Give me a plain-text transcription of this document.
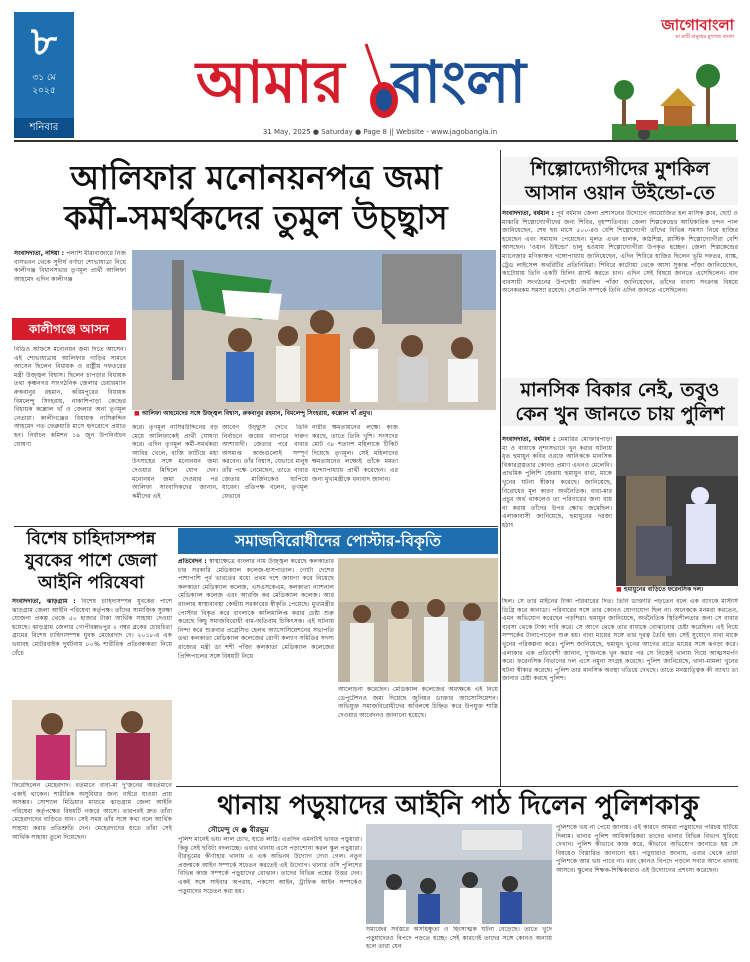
৮
৩১ মে
২০২৫
শনিবার
আমার বাংলা
31 May, 2025 ● Saturday ● Page 8 || Website - www.jagobangla.in
জাগোবাংলা
মা মাটি মানুষের মুখপত্র বাংলা
আলিফার মনোনয়নপত্র জমা
কর্মী-সমর্থকদের তুমুল উচ্ছ্বাস
সংবাদদাতা, নদিয়া : পলাশি মীরাবাজারে নিজ বাসভবন থেকে সুদীর্ঘ বর্ণাঢ্য শোভাযাত্রা নিয়ে কালীগঞ্জ বিধানসভার তৃণমূল প্রার্থী আলিফা আহমেদ এদিন কালীগঞ্জ
কালীগঞ্জে আসন
বিডিও অফিসে মনোনয়ন জমা দিতে আসেন। এই শোভাযাত্রায় আলিফার গাড়ির সামনে আসেন ছিলেন বিধায়ক ও রাষ্ট্রীয় দফতরের মন্ত্রী উজ্জ্বল বিশ্বাস। ছিলেন চাপড়ার বিধায়ক তথা কৃষ্ণনগর সাংগঠনিক জেলার চেয়ারম্যান রুকবানুর রহমান, করিমপুরের বিধায়ক বিমলেন্দু সিংহরায়, নাকাশিপাড়া কেন্দ্রের বিধায়ক কল্লোল খাঁ ও জেলার অন্য তৃণমূল নেতারা। কালীগঞ্জের বিধায়ক নাসিরুদ্দিন আহমেদ গত ফেব্রুয়ারি মাসে হৃদরোগে প্রয়াত হন। নির্বাচন কমিশন ১৯ জুন উপনির্বাচন ঘোষণা
■ আলিফা আহমেদের সঙ্গে উজ্জ্বল বিশ্বাস, রুকবানুর রহমান, বিমলেন্দু সিংহরায়, কল্লোল খাঁ প্রমুখ।
করে। তৃণমূল নাসিরউদ্দিনের বড় মেয়ে আলিফাকেই প্রার্থী ঘোষণা করে। এদিন তৃণমূল কর্মী-সমর্থকরা আবির খেলে, বাজি ফাটিয়ে মহা উৎসাহের সঙ্গে মনোনয়ন জমা দেওয়ার মিছিলে যোগ দেন। মনোনয়ন জমা দেওয়ার পর আলিফা সাংবাদিকদের জানান, কর্মীদের এই
আবেগ উচ্ছ্বাস দেখে তিনি নির্বাচনে জয়ের ব্যাপারে দারুণ আশাবাদী। জেতার পরে বাবার অসমাপ্ত কাজগুলোই সম্পূর্ণ করবেন। তাঁর বিশ্বাস, যেভাবে মানুষ তাঁর পক্ষে নেমেছেন, তাতে বাবার জেতার মার্জিনকেও ছাপিয়ে যাবেন। প্রতিপক্ষ বলেন, তৃণমূল যেভাবে
নারীর ক্ষমতায়নের লক্ষ্যে কাজ করছে, তাতে তিনি খুশি। সংসদের মোট ৩৮ শতাংশ মহিলাকে টিকিট দিয়েছে তৃণমূল। সেই মহিলাদের ক্ষমতায়নের লক্ষ্যেই তাঁকে মমতা বন্দ্যোপাধ্যায় প্রার্থী করেছেন। এর জন্য মুখ্যমন্ত্রীকে ধন্যবাদ জানান।
শিল্পোদ্যোগীদের মুশকিল
আসান ওয়ান উইন্ডো-তে
সংবাদদাতা, বর্ধমান : পূর্ব বর্ধমান জেলা প্রশাসনের উদ্যোগে আয়োজিত হল মাসিক ক্লাব, ছোট ও মাঝারি শিল্পোদ্যোগীদের জন্য শিবির, বৃহস্পতিবার। জেলা শিল্পকেন্দ্রের আধিকারিক চন্দন পাল জানিয়েছেন, শেষ ছয় মাসে ৫০০-রও বেশি শিল্পোদ্যোগী তাঁদের বিভিন্ন সমস্যা নিয়ে হাজির হয়েছেন এবং সমাধান পেয়েছেন। মূলত এখন চালক, কাঠশিল্প, প্লাস্টিক শিল্পোদ্যোগীরা বেশি আসছেন। 'ওয়ান উইন্ডো' চালু হওয়ায় শিল্পোদ্যোগীরা উপকৃত হচ্ছেন। জেলা শিল্পকেন্দ্রের ম্যানেজার মণিকাঞ্চন গঙ্গোপাধ্যায় জানিয়েছেন, এদিন শিবিরে হাজির ছিলেন ভূমি দফতর, ব্যাঙ্ক, ট্রেড লাইসেন্স অথরিটির প্রতিনিধিরা। শিবিরে কাটোয়া থেকে আসা সুকান্ত পাঁজা জানিয়েছেন, কাটোয়ায় তিনি একটি চিলিং প্ল্যান্ট করতে চান। এদিন সেই বিষয়ে জানতে এসেছিলেন। বান ব্যবসায়ী সংগঠনের উপদেষ্টা অরবিন্দ পাঁজা জানিয়েছেন, তাঁদের ব্যবসা সংক্রান্ত বিষয়ে অনেকরকম সমস্যা রয়েছে। সেগুলি সম্পর্কে তিনি এদিন জানতে এসেছিলেন।
মানসিক বিকার নেই, তবুও
কেন খুন জানতে চায় পুলিশ
সংবাদদাতা, বর্ধমান : মেমারির মোক্তারপাড়া মা ও বাবাকে নৃশংসভাবে খুন করার ঘটনায় ধৃত হুমায়ুন কবির ওরফে আনিককে মানসিক বিকারগ্রস্ততার কোনও প্রমাণ এখনও মেলেনি। প্রাথমিক পুলিশি জেরায় হুমায়ুন বাবা, মাকে খুনের ঘটনা স্বীকার করেছে। জানিয়েছে, বিরোধের মূল কারণ অর্থনৈতিক। বাবা-মার প্রচুর অর্থ থাকলেও তা পরিবারের জন্য ব্যয় না করায় তাঁদের উপর ক্ষোভ জমেছিল। এলাকাবাসী জানিয়েছে, হুমায়ুনের দরজা হঠাৎ
■ হুমায়ুনের বাড়িতে ফরেনসিক দল।
ছিল। সে তার মাইনের টাকা পরিবারের দিত। তিনি ডাক্তারি পড়তেন বলে এক ব্যাংকে মাস্টার্স ডিগ্রি করে কানাডা। পরিবারের সঙ্গে তার কোনও যোগাযোগ ছিল না। অনেককে মনমরা করতেন, এমন অভিযোগ করেছেন পড়শিরা। হুমায়ুন জানিয়েছে, অর্থনৈতিক স্থিতিশীলতার জন্য সে বাবার ব্যবসা থেকে টাকা দাবি করে। সে আগে থেকে তার বাবাকে বোঝানোর চেষ্টা করেছিল। এই নিয়ে সম্পর্কের টানাপোড়েন শুরু হয়। বাবা মায়ের সঙ্গে তার দূরত্ব তৈরি হয়। সেই সুযোগে বাবা মাকে খুনের পরিকল্পনা করে। পুলিশ জানিয়েছে, হুমায়ুন খুনের আগের রাতে মায়ের সঙ্গে ঝগড়া করে। এলাকার এক প্রতিবেশী জানান, দু'জনকে খুন করার পর সে নিজেই থানায় গিয়ে আত্মসমর্পণ করে। ফরেনসিক বিভাগের দল এসে নমুনা সংগ্রহ করেছে। পুলিশ জানিয়েছে, থানা-মামলা খুনের ঘটনা স্বীকার করেছে। পুলিশ তার মানসিক অবস্থা খতিয়ে দেখছে। তাতে মনস্তাত্ত্বিক কী ব্যাখ্যা তা জানার চেষ্টা করছে পুলিশ।
বিশেষ চাহিদাসম্পন্ন
যুবকের পাশে জেলা
আইনি পরিষেবা
সংবাদদাতা, ঝাড়গ্রাম : বিশেষ চাহিদাসম্পন্ন যুবকের পাশে ঝাড়গ্রাম জেলা আইনি পরিষেবা কর্তৃপক্ষ। তাঁদের সামাজিক সুরক্ষা যোজনা প্রকল্প থেকে ৫০ হাজার টাকা আর্থিক সাহায্য দেওয়া হয়েছে। ঝাড়গ্রাম জেলার গোপীবল্লভপুর ২ নম্বর ব্লকের চোরচিতা গ্রামের বিশেষ চাহিদাসম্পন্ন যুবক মেহেরদাদ দে। ২০১৮-র এক ভয়াবহ মোটরবাইক দুর্ঘটনায় ৮০% শারীরিক প্রতিবন্ধকতা নিয়ে বেঁচে
ফিরেছিলেন মেহেরদাদ। বর্তমানে বাবা-মা দু'জনের অবর্তমানে একাই থাকেন। শারীরিক অসুবিধার জন্য বাইরে যাওয়া প্রায় অসম্ভব। সোশ্যাল মিডিয়ার মাধ্যমে ঝাড়গ্রাম জেলা আইনি পরিষেবা কর্তৃপক্ষের বিষয়টি নজরে আসে। তারপরই দ্রুত তাঁরা মেহেরদাদের বাড়িতে যান। সেই সময় তাঁর সঙ্গে কথা বলে আর্থিক সাহায্য করার প্রতিশ্রুতি দেন। মেহেরদাদের হাতে তাঁরা সেই আর্থিক সাহায্য তুলে দিয়েছেন।
সমাজবিরোধীদের পোস্টার-বিকৃতি
প্রতিবেদন : স্বাস্থ্যক্ষেত্রে বাংলার নাম উজ্জ্বল করেছে কলকাতার চার সরকারি মেডিক্যাল কলেজ-হাসপাতাল। গোটা দেশের পাশাপাশি পূর্ব ভারতের মধ্যে প্রথম দশে জায়গা করে নিয়েছে কলকাতা মেডিক্যাল কলেজ, এসএসকেএম, কলকাতা ন্যাশনাল মেডিক্যাল কলেজ এবং আরজি কর মেডিক্যাল কলেজ। আর বাংলার স্বাস্থ্যব্যবস্থা কেন্দ্রীয় সরকারের স্বীকৃতি পেয়েছে। মুখ্যমন্ত্রীর পোস্টার বিকৃত করে বাংলাকে কালিমালিপ্ত করার চেষ্টা শুরু করেছে কিছু সমাজবিরোধী বাম-অতিবাম চিকিৎসক। এই ঘটনায় নিন্দা করে শুক্রবার প্রগ্রেসিভ হেলথ অ্যাসোসিয়েশনের সভাপতি তথা কলকাতা মেডিক্যাল কলেজের রোগী কল্যাণ সমিতির সদস্য রাজ্যের মন্ত্রী ডা শশী পাঁজা কলকাতা মেডিক্যাল কলেজের প্রিন্সিপালের সঙ্গে বিষয়টি নিয়ে
আলোচনা করেছেন। মেডিক্যাল কলেজের অধ্যক্ষকে এই নিয়ে ডেপুটেশনও জমা দিয়েছে জুনিয়র ডাক্তার অ্যাসোসিয়েশন। অভিযুক্ত সমাজবিরোধীদের অবিলম্বে চিহ্নিত করে উপযুক্ত শাস্তি দেওয়ার আবেদনও জানানো হয়েছে।
থানায় পড়ুয়াদের আইনি পাঠ দিলেন পুলিশকাকু
সৌমেন্দু দে ● বীরভূম
পুলিশ মানেই ভয়। লাল চোখ, হাতে লাঠি। এতদিন এমনটাই ভাবত পড়ুয়ারা। কিন্তু সেই ছবিটা বদলাচ্ছে। এবার থানায় এসে পড়াশোনা করল স্কুল পড়ুয়ারা। বীরভূমের কীর্ণাহার থানায় এ এক অভিনব উদ্যোগ দেখা গেল। নতুন প্রজন্মকে আইন সম্পর্কে সচেতন করতেই এই উদ্যোগ। থানার ওসি পুলিশের বিভিন্ন কাজ সম্পর্কে পড়ুয়াদের বোঝান। তাদের বিভিন্ন প্রশ্নের উত্তর দেন। একই সঙ্গে সাইবার অপরাধ, পকসো আইন, ট্রাফিক আইন সম্পর্কেও পড়ুয়াদের সচেতন করা হয়।
সমাজের সর্বস্তরে অসহিষ্ণুতা ও হিংসাত্মক ঘটনা বেড়েছে। তাতে খুদে পড়ুয়াদেরও বিপদে পড়তে হচ্ছে। সেই কারণেই তাদের সঙ্গে কোনও অন্যায় হলে তারা যেন
পুলিশকে ভয় না পেয়ে জানায়। এই কারণে আমরা পড়ুয়াদের পরিচয় ঘটিয়ে দিলাম। থানার পুলিশ আধিকারিকরা তাদের থানার বিভিন্ন বিভাগ ঘুরিয়ে দেখান। পুলিশ কীভাবে কাজ করে, কীভাবে অভিযোগ জানাতে হয় সে বিষয়েও বিস্তারিত জানানো হয়। পড়ুয়ারাও জানায়, এবার থেকে তারা পুলিশকে আর ভয় পাবে না। বরং কোনও বিপদে পড়লে সবার আগে থানায় আসবে। স্কুলের শিক্ষক-শিক্ষিকারাও এই উদ্যোগের প্রশংসা করেছেন।
